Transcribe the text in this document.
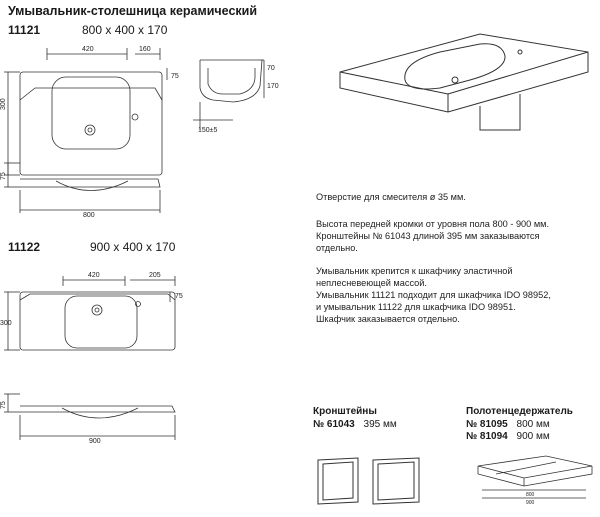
Умывальник-столешница керамический
11121	800 x 400 x 170
420	160
75
300
70
170
150±5
75
800
11122	900 x 400 x 170
420	205
75
300
75
900
Отверстие для смесителя ø 35 мм.
Высота передней кромки от уровня пола 800 - 900 мм.
Кронштейны № 61043 длиной 395 мм заказываются
отдельно.
Умывальник крепится к шкафчику эластичной
неплесневеющей массой.
Умывальник 11121 подходит для шкафчика IDO 98952,
и умывальник 11122 для шкафчика IDO 98951.
Шкафчик заказывается отдельно.
Кронштейны
№ 61043 395 мм
Полотенцедержатель
№ 81095 800 мм
№ 81094 900 мм
800
900
